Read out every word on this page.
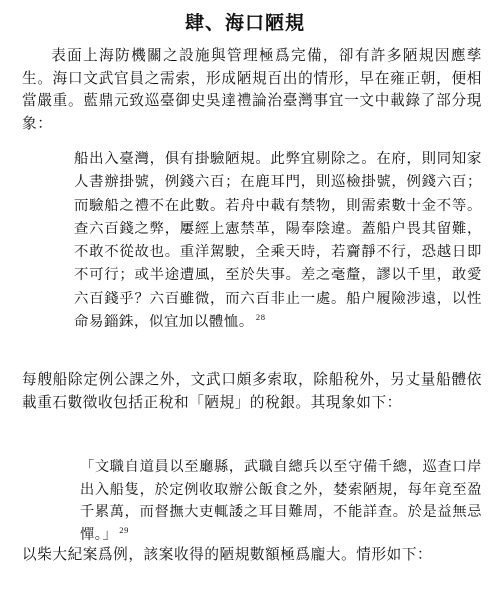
肆、海口陋規

表面上海防機關之設施與管理極爲完備，卻有許多陋規因應孳生。海口文武官員之需索，形成陋規百出的情形，早在雍正朝，便相當嚴重。藍鼎元致巡臺御史吳達禮論治臺灣事宜一文中載錄了部分現象：

船出入臺灣，俱有掛驗陋規。此弊宜剔除之。在府，則同知家人書辦掛號，例錢六百；在鹿耳門，則巡檢掛號，例錢六百；而驗船之禮不在此數。若舟中載有禁物，則需索數十金不等。查六百錢之弊，屢經上憲禁革，陽奉陰違。蓋船户畏其留難，不敢不從故也。重洋駕駛，全乘天時，若齎靜不行，恐越日即不可行；或半途遭風，至於失事。差之毫釐，謬以千里，敢愛六百錢乎？六百雖微，而六百非止一處。船户履險涉遠，以性命易錙銖，似宜加以體恤。 $^{28}$

每艘船除定例公課之外，文武口頗多索取，除船稅外，另丈量船體依載重石數徵收包括正稅和「陋規」的稅銀。其現象如下：

「文職自道員以至廳縣，武職自總兵以至守備千總，巡查口岸出入船隻，於定例收取辦公飯食之外，婪索陋規，每年竟至盈千累萬，而督撫大吏輒諉之耳目難周，不能詳查。於是益無忌憚。」 $^{29}$

以柴大紀案爲例，該案收得的陋規數額極爲龐大。情形如下：
